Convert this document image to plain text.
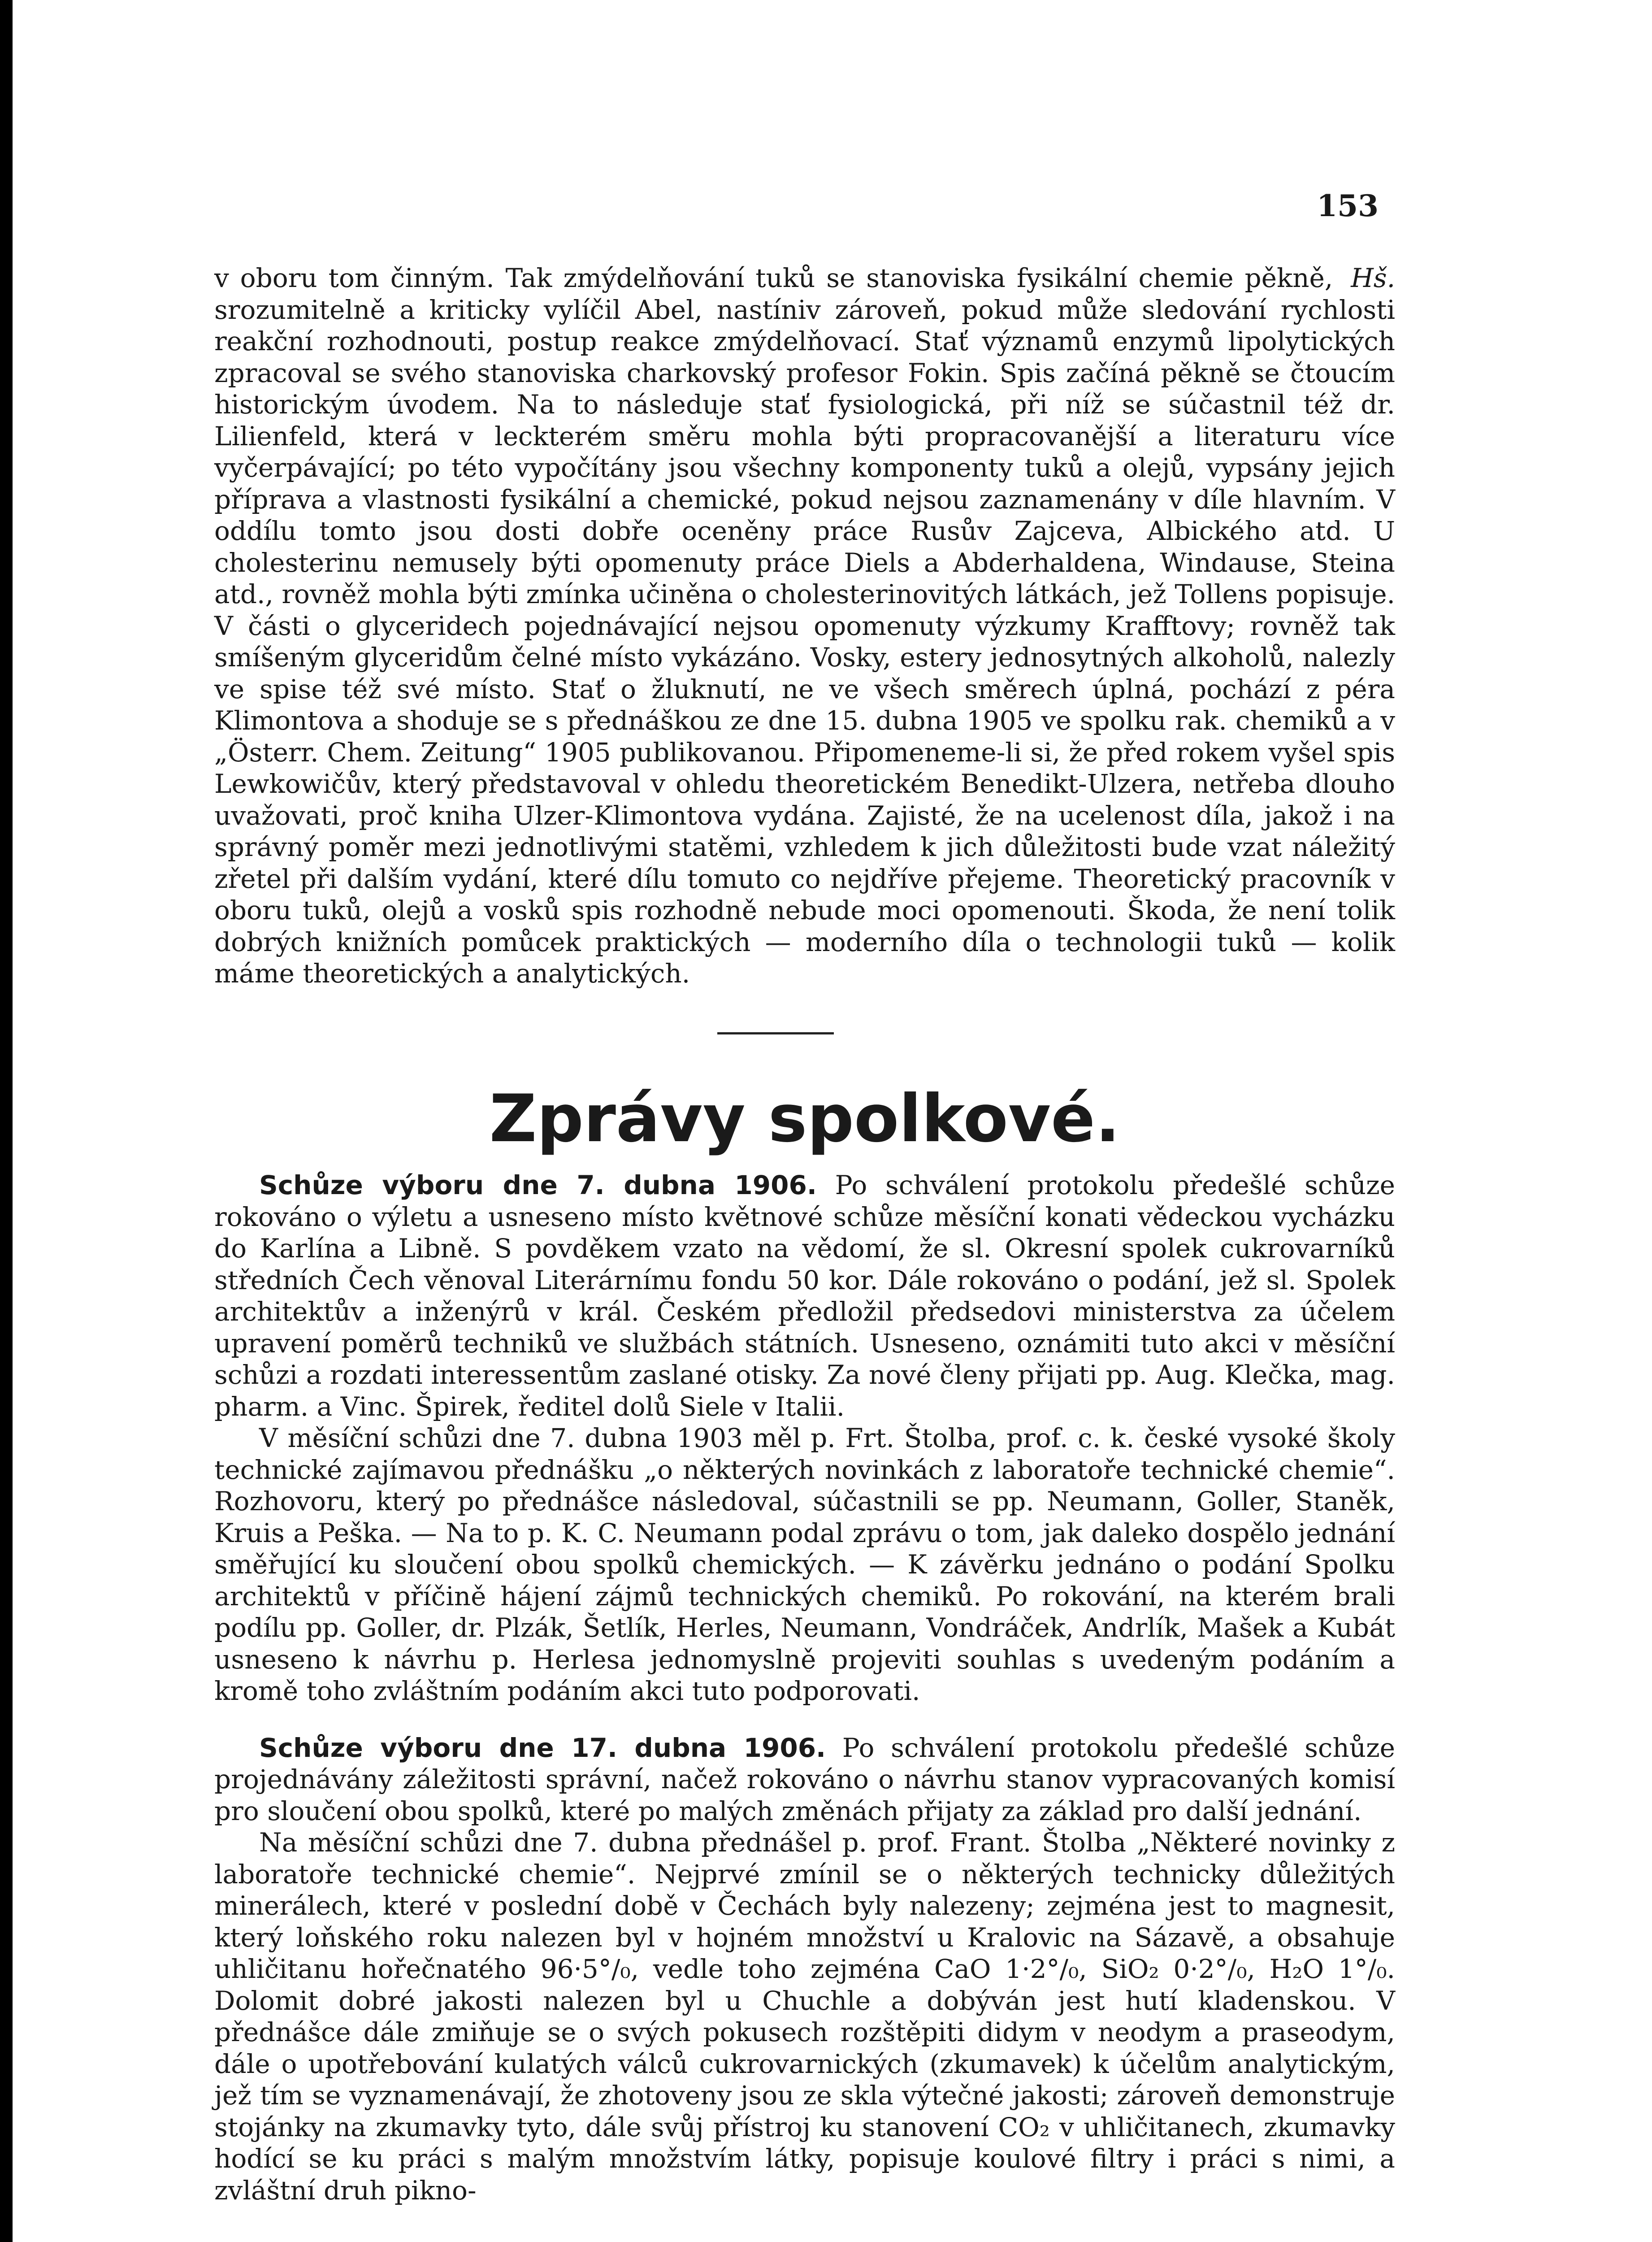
153

Hš.
v oboru tom činným. Tak zmýdelňování tuků se stanoviska fysikální chemie pěkně, srozumitelně a kriticky vylíčil Abel, nastíniv zároveň, pokud může sledování rychlosti reakční rozhodnouti, postup reakce zmýdelňovací. Stať významů enzymů lipolytických zpracoval se svého stanoviska charkovský profesor Fokin. Spis začíná pěkně se čtoucím historickým úvodem. Na to následuje stať fysiologická, při níž se súčastnil též dr. Lilienfeld, která v leckterém směru mohla býti propracovanější a literaturu více vyčerpávající; po této vypočítány jsou všechny komponenty tuků a olejů, vypsány jejich příprava a vlastnosti fysikální a chemické, pokud nejsou zaznamenány v díle hlavním. V oddílu tomto jsou dosti dobře oceněny práce Rusův Zajceva, Albického atd. U cholesterinu nemusely býti opomenuty práce Diels a Abderhaldena, Windause, Steina atd., rovněž mohla býti zmínka učiněna o cholesterinovitých látkách, jež Tollens popisuje. V části o glyceridech pojednávající nejsou opomenuty výzkumy Krafftovy; rovněž tak smíšeným glyceridům čelné místo vykázáno. Vosky, estery jednosytných alkoholů, nalezly ve spise též své místo. Stať o žluknutí, ne ve všech směrech úplná, pochází z péra Klimontova a shoduje se s přednáškou ze dne 15. dubna 1905 ve spolku rak. chemiků a v „Österr. Chem. Zeitung“ 1905 publikovanou. Připomeneme-li si, že před rokem vyšel spis Lewkowičův, který představoval v ohledu theoretickém Benedikt-Ulzera, netřeba dlouho uvažovati, proč kniha Ulzer-Klimontova vydána. Zajisté, že na ucelenost díla, jakož i na správný poměr mezi jednotlivými statěmi, vzhledem k jich důležitosti bude vzat náležitý zřetel při dalším vydání, které dílu tomuto co nejdříve přejeme. Theoretický pracovník v oboru tuků, olejů a vosků spis rozhodně nebude moci opomenouti. Škoda, že není tolik dobrých knižních pomůcek praktických — moderního díla o technologii tuků — kolik máme theoretických a analytických.

Zprávy spolkové.

Schůze výboru dne 7. dubna 1906. Po schválení protokolu předešlé schůze rokováno o výletu a usneseno místo květnové schůze měsíční konati vědeckou vycházku do Karlína a Libně. S povděkem vzato na vědomí, že sl. Okresní spolek cukrovarníků středních Čech věnoval Literárnímu fondu 50 kor. Dále rokováno o podání, jež sl. Spolek architektův a inženýrů v král. Českém předložil předsedovi ministerstva za účelem upravení poměrů techniků ve službách státních. Usneseno, oznámiti tuto akci v měsíční schůzi a rozdati interessentům zaslané otisky. Za nové členy přijati pp. Aug. Klečka, mag. pharm. a Vinc. Špirek, ředitel dolů Siele v Italii.

V měsíční schůzi dne 7. dubna 1903 měl p. Frt. Štolba, prof. c. k. české vysoké školy technické zajímavou přednášku „o některých novinkách z laboratoře technické chemie“. Rozhovoru, který po přednášce následoval, súčastnili se pp. Neumann, Goller, Staněk, Kruis a Peška. — Na to p. K. C. Neumann podal zprávu o tom, jak daleko dospělo jednání směřující ku sloučení obou spolků chemických. — K závěrku jednáno o podání Spolku architektů v příčině hájení zájmů technických chemiků. Po rokování, na kterém brali podílu pp. Goller, dr. Plzák, Šetlík, Herles, Neumann, Vondráček, Andrlík, Mašek a Kubát usneseno k návrhu p. Herlesa jednomyslně projeviti souhlas s uvedeným podáním a kromě toho zvláštním podáním akci tuto podporovati.

Schůze výboru dne 17. dubna 1906. Po schválení protokolu předešlé schůze projednávány záležitosti správní, načež rokováno o návrhu stanov vypracovaných komisí pro sloučení obou spolků, které po malých změnách přijaty za základ pro další jednání.

Na měsíční schůzi dne 7. dubna přednášel p. prof. Frant. Štolba „Některé novinky z laboratoře technické chemie“. Nejprvé zmínil se o některých technicky důležitých minerálech, které v poslední době v Čechách byly nalezeny; zejména jest to magnesit, který loňského roku nalezen byl v hojném množství u Kralovic na Sázavě, a obsahuje uhličitanu hořečnatého 96·5°/₀, vedle toho zejména CaO 1·2°/₀, SiO₂ 0·2°/₀, H₂O 1°/₀. Dolomit dobré jakosti nalezen byl u Chuchle a dobýván jest hutí kladenskou. V přednášce dále zmiňuje se o svých pokusech rozštěpiti didym v neodym a praseodym, dále o upotřebování kulatých válců cukrovarnických (zkumavek) k účelům analytickým, jež tím se vyznamenávají, že zhotoveny jsou ze skla výtečné jakosti; zároveň demonstruje stojánky na zkumavky tyto, dále svůj přístroj ku stanovení CO₂ v uhličitanech, zkumavky hodící se ku práci s malým množstvím látky, popisuje koulové filtry i práci s nimi, a zvláštní druh pikno-
